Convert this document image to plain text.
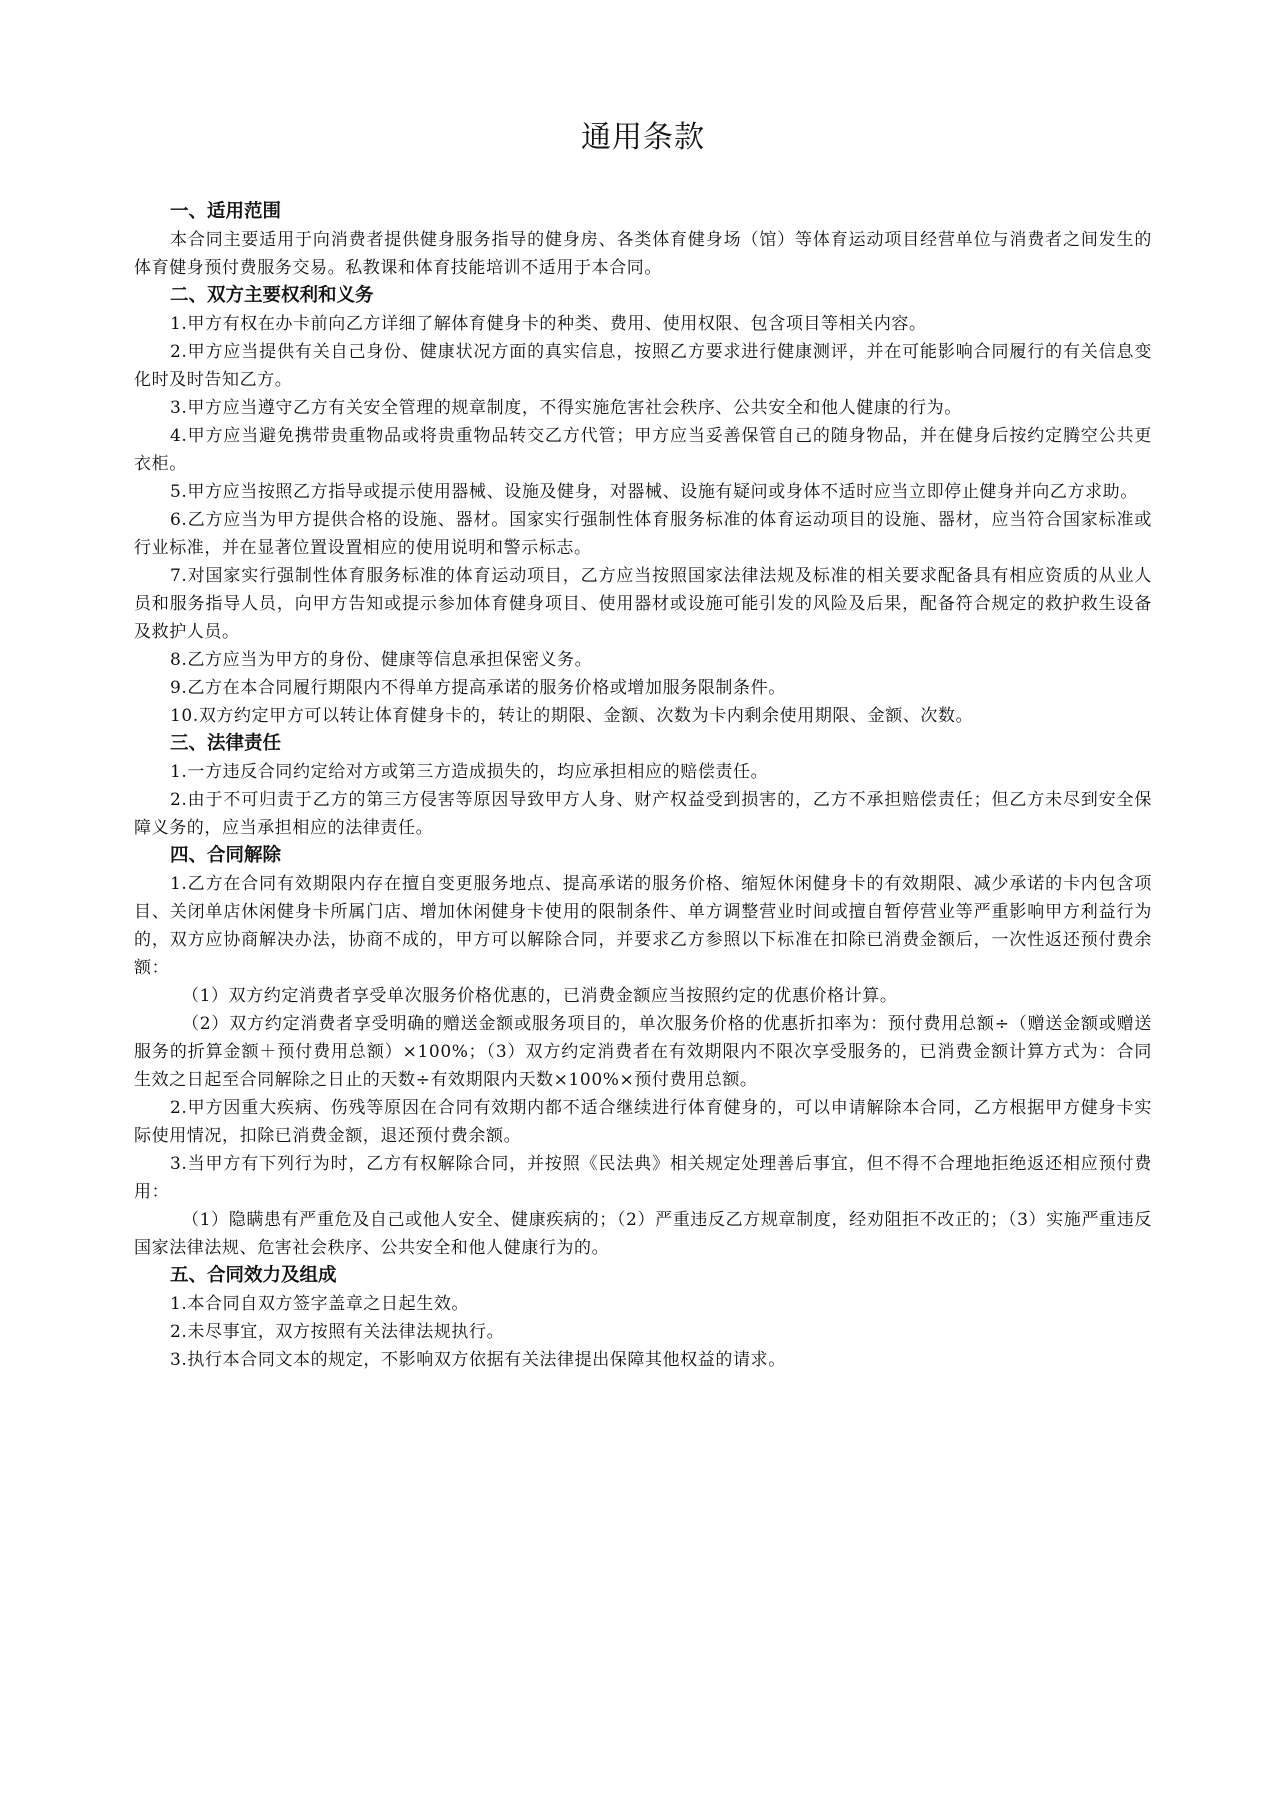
通用条款
一、适用范围

本合同主要适用于向消费者提供健身服务指导的健身房、各类体育健身场（馆）等体育运动项目经营单位与消费者之间发生的体育健身预付费服务交易。私教课和体育技能培训不适用于本合同。

二、双方主要权利和义务

1.甲方有权在办卡前向乙方详细了解体育健身卡的种类、费用、使用权限、包含项目等相关内容。

2.甲方应当提供有关自己身份、健康状况方面的真实信息，按照乙方要求进行健康测评，并在可能影响合同履行的有关信息变化时及时告知乙方。

3.甲方应当遵守乙方有关安全管理的规章制度，不得实施危害社会秩序、公共安全和他人健康的行为。

4.甲方应当避免携带贵重物品或将贵重物品转交乙方代管；甲方应当妥善保管自己的随身物品，并在健身后按约定腾空公共更衣柜。

5.甲方应当按照乙方指导或提示使用器械、设施及健身，对器械、设施有疑问或身体不适时应当立即停止健身并向乙方求助。

6.乙方应当为甲方提供合格的设施、器材。国家实行强制性体育服务标准的体育运动项目的设施、器材，应当符合国家标准或行业标准，并在显著位置设置相应的使用说明和警示标志。

7.对国家实行强制性体育服务标准的体育运动项目，乙方应当按照国家法律法规及标准的相关要求配备具有相应资质的从业人员和服务指导人员，向甲方告知或提示参加体育健身项目、使用器材或设施可能引发的风险及后果，配备符合规定的救护救生设备及救护人员。

8.乙方应当为甲方的身份、健康等信息承担保密义务。

9.乙方在本合同履行期限内不得单方提高承诺的服务价格或增加服务限制条件。

10.双方约定甲方可以转让体育健身卡的，转让的期限、金额、次数为卡内剩余使用期限、金额、次数。

三、法律责任

1.一方违反合同约定给对方或第三方造成损失的，均应承担相应的赔偿责任。

2.由于不可归责于乙方的第三方侵害等原因导致甲方人身、财产权益受到损害的，乙方不承担赔偿责任；但乙方未尽到安全保障义务的，应当承担相应的法律责任。

四、合同解除

1.乙方在合同有效期限内存在擅自变更服务地点、提高承诺的服务价格、缩短休闲健身卡的有效期限、减少承诺的卡内包含项目、关闭单店休闲健身卡所属门店、增加休闲健身卡使用的限制条件、单方调整营业时间或擅自暂停营业等严重影响甲方利益行为的，双方应协商解决办法，协商不成的，甲方可以解除合同，并要求乙方参照以下标准在扣除已消费金额后，一次性返还预付费余额：

（1）双方约定消费者享受单次服务价格优惠的，已消费金额应当按照约定的优惠价格计算。

（2）双方约定消费者享受明确的赠送金额或服务项目的，单次服务价格的优惠折扣率为：预付费用总额÷（赠送金额或赠送服务的折算金额＋预付费用总额）×100%；（3）双方约定消费者在有效期限内不限次享受服务的，已消费金额计算方式为：合同生效之日起至合同解除之日止的天数÷有效期限内天数×100%×预付费用总额。

2.甲方因重大疾病、伤残等原因在合同有效期内都不适合继续进行体育健身的，可以申请解除本合同，乙方根据甲方健身卡实际使用情况，扣除已消费金额，退还预付费余额。

3.当甲方有下列行为时，乙方有权解除合同，并按照《民法典》相关规定处理善后事宜，但不得不合理地拒绝返还相应预付费用：

（1）隐瞒患有严重危及自己或他人安全、健康疾病的；（2）严重违反乙方规章制度，经劝阻拒不改正的；（3）实施严重违反国家法律法规、危害社会秩序、公共安全和他人健康行为的。

五、合同效力及组成

1.本合同自双方签字盖章之日起生效。

2.未尽事宜，双方按照有关法律法规执行。

3.执行本合同文本的规定，不影响双方依据有关法律提出保障其他权益的请求。
